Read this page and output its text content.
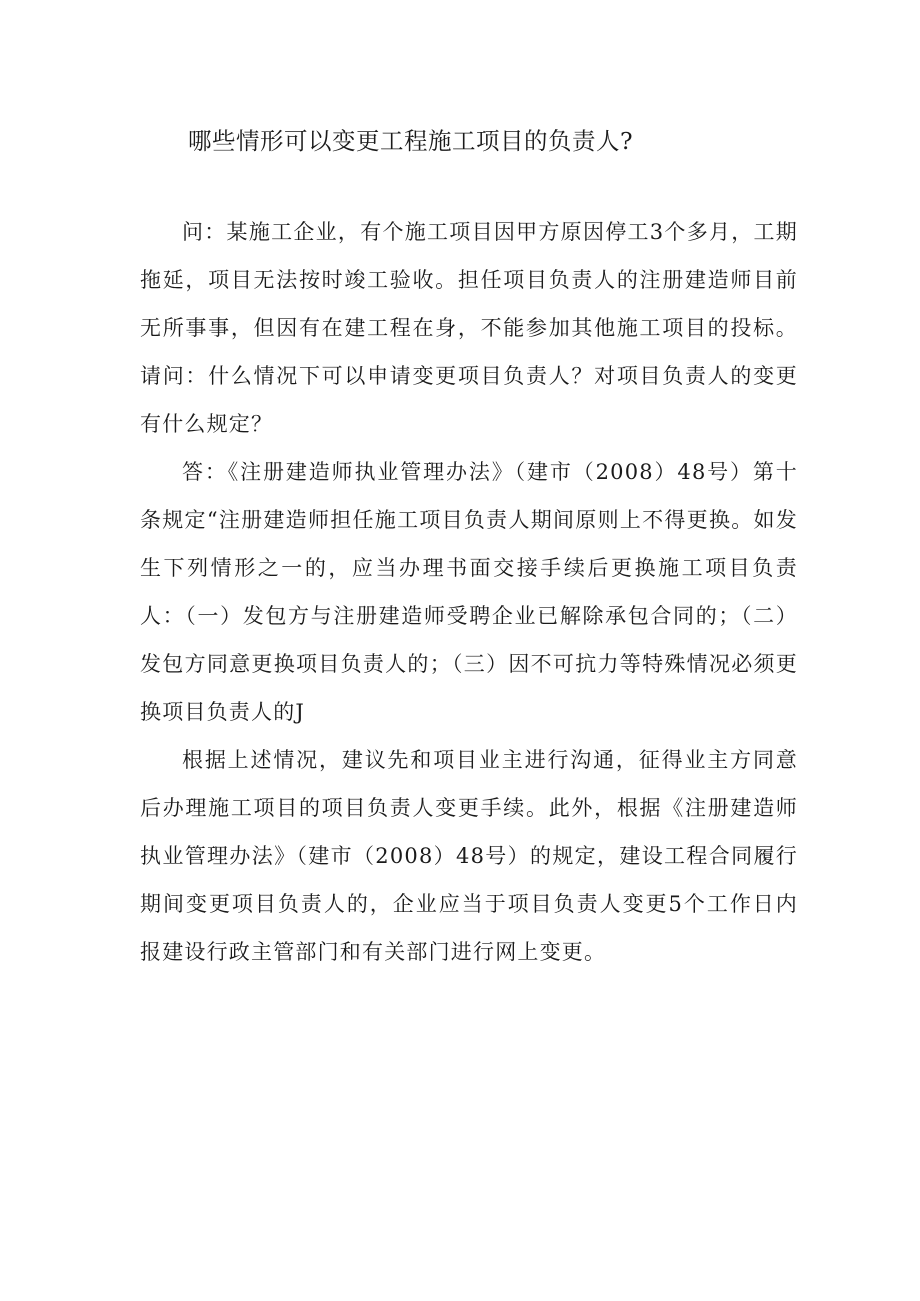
哪些情形可以变更工程施工项目的负责人?

问：某施工企业，有个施工项目因甲方原因停工3个多月，工期拖延，项目无法按时竣工验收。担任项目负责人的注册建造师目前无所事事，但因有在建工程在身，不能参加其他施工项目的投标。请问：什么情况下可以申请变更项目负责人？对项目负责人的变更有什么规定？

答：《注册建造师执业管理办法》（建市（2008）48号）第十条规定“注册建造师担任施工项目负责人期间原则上不得更换。如发生下列情形之一的，应当办理书面交接手续后更换施工项目负责人：（一）发包方与注册建造师受聘企业已解除承包合同的；（二）发包方同意更换项目负责人的；（三）因不可抗力等特殊情况必须更换项目负责人的J

根据上述情况，建议先和项目业主进行沟通，征得业主方同意后办理施工项目的项目负责人变更手续。此外，根据《注册建造师执业管理办法》（建市（2008）48号）的规定，建设工程合同履行期间变更项目负责人的，企业应当于项目负责人变更5个工作日内报建设行政主管部门和有关部门进行网上变更。
